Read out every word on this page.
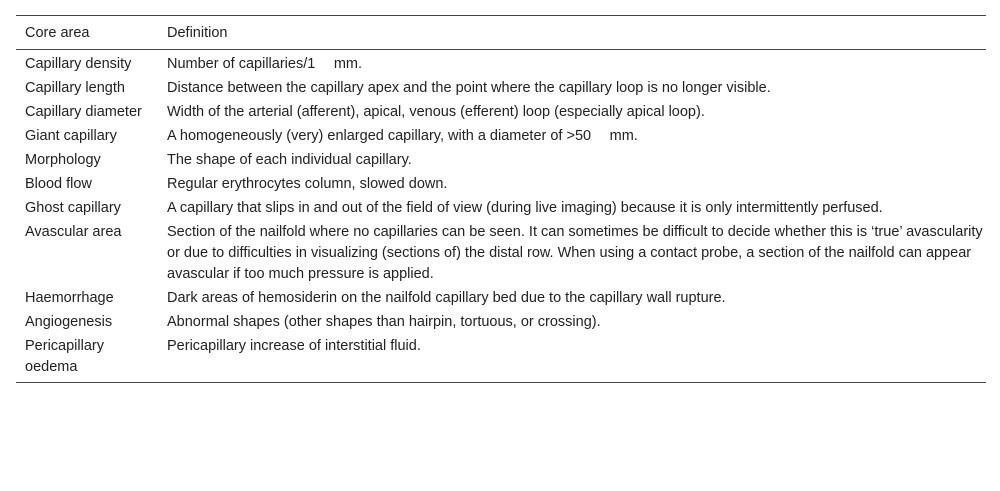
Core area	Definition
Capillary density	Number of capillaries/1  mm.
Capillary length	Distance between the capillary apex and the point where the capillary loop is no longer visible.
Capillary diameter	Width of the arterial (afferent), apical, venous (efferent) loop (especially apical loop).
Giant capillary	A homogeneously (very) enlarged capillary, with a diameter of >50  mm.
Morphology	The shape of each individual capillary.
Blood flow	Regular erythrocytes column, slowed down.
Ghost capillary	A capillary that slips in and out of the field of view (during live imaging) because it is only intermittently perfused.
Avascular area	Section of the nailfold where no capillaries can be seen. It can sometimes be difficult to decide whether this is ‘true’ avascularity or due to difficulties in visualizing (sections of) the distal row. When using a contact probe, a section of the nailfold can appear avascular if too much pressure is applied.
Haemorrhage	Dark areas of hemosiderin on the nailfold capillary bed due to the capillary wall rupture.
Angiogenesis	Abnormal shapes (other shapes than hairpin, tortuous, or crossing).
Pericapillary oedema	Pericapillary increase of interstitial fluid.
